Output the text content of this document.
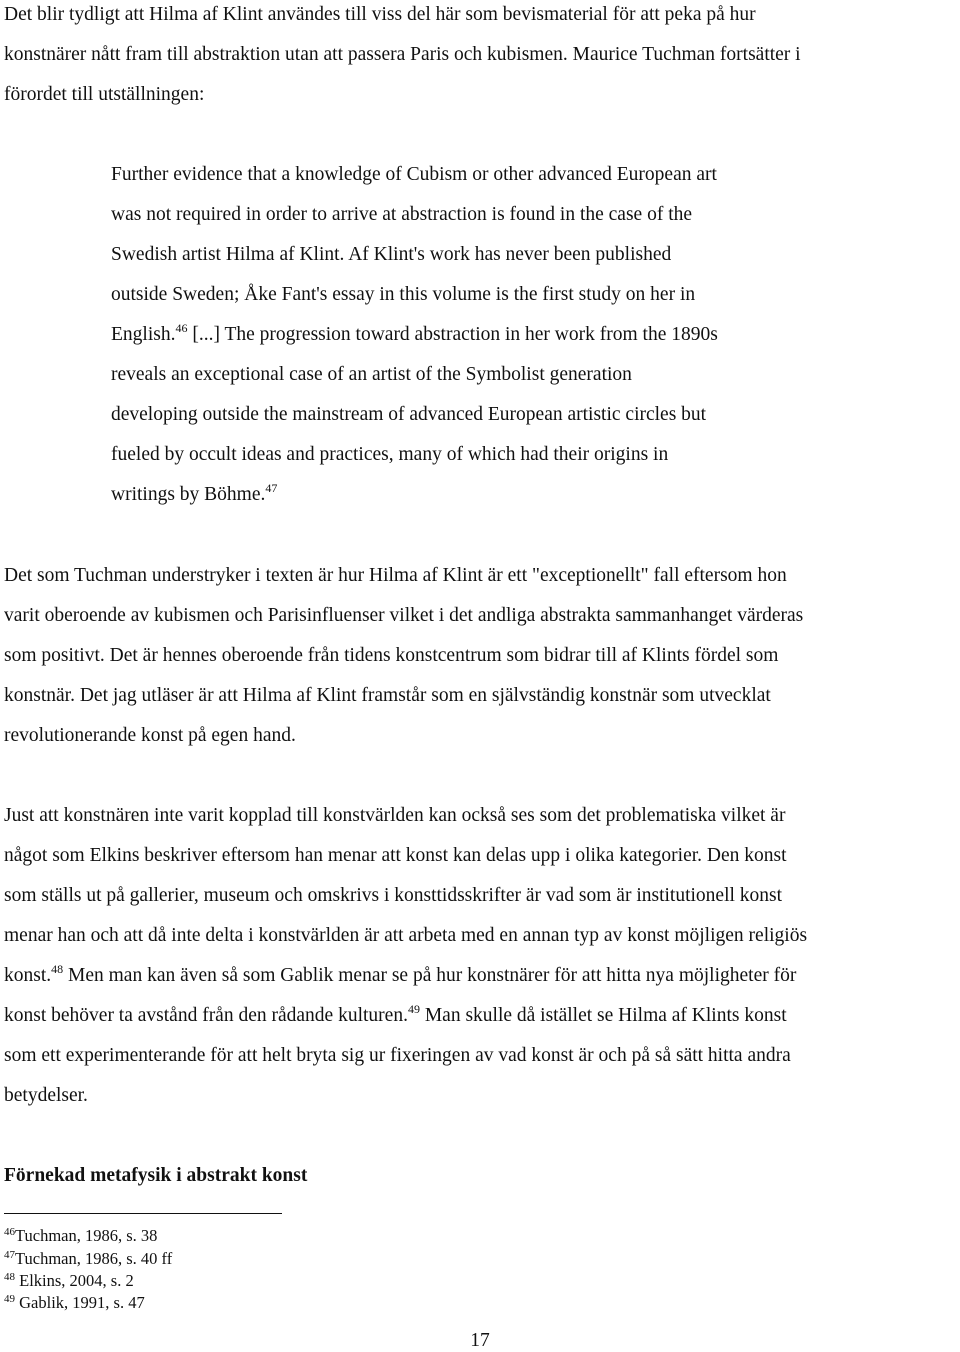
Det blir tydligt att Hilma af Klint användes till viss del här som bevismaterial för att peka på hur
konstnärer nått fram till abstraktion utan att passera Paris och kubismen. Maurice Tuchman fortsätter i
förordet till utställningen:
Further evidence that a knowledge of Cubism or other advanced European art
was not required in order to arrive at abstraction is found in the case of the
Swedish artist Hilma af Klint. Af Klint's work has never been published
outside Sweden; Åke Fant's essay in this volume is the first study on her in
English.$^{46}$ [...] The progression toward abstraction in her work from the 1890s
reveals an exceptional case of an artist of the Symbolist generation
developing outside the mainstream of advanced European artistic circles but
fueled by occult ideas and practices, many of which had their origins in
writings by Böhme.$^{47}$
Det som Tuchman understryker i texten är hur Hilma af Klint är ett "exceptionellt" fall eftersom hon
varit oberoende av kubismen och Parisinfluenser vilket i det andliga abstrakta sammanhanget värderas
som positivt. Det är hennes oberoende från tidens konstcentrum som bidrar till af Klints fördel som
konstnär. Det jag utläser är att Hilma af Klint framstår som en självständig konstnär som utvecklat
revolutionerande konst på egen hand.
Just att konstnären inte varit kopplad till konstvärlden kan också ses som det problematiska vilket är
något som Elkins beskriver eftersom han menar att konst kan delas upp i olika kategorier. Den konst
som ställs ut på gallerier, museum och omskrivs i konsttidsskrifter är vad som är institutionell konst
menar han och att då inte delta i konstvärlden är att arbeta med en annan typ av konst möjligen religiös
konst.$^{48}$ Men man kan även så som Gablik menar se på hur konstnärer för att hitta nya möjligheter för
konst behöver ta avstånd från den rådande kulturen.$^{49}$ Man skulle då istället se Hilma af Klints konst
som ett experimenterande för att helt bryta sig ur fixeringen av vad konst är och på så sätt hitta andra
betydelser.
Förnekad metafysik i abstrakt konst
$^{46}$Tuchman, 1986, s. 38
$^{47}$Tuchman, 1986, s. 40 ff
$^{48}$ Elkins, 2004, s. 2
$^{49}$ Gablik, 1991, s. 47
17
